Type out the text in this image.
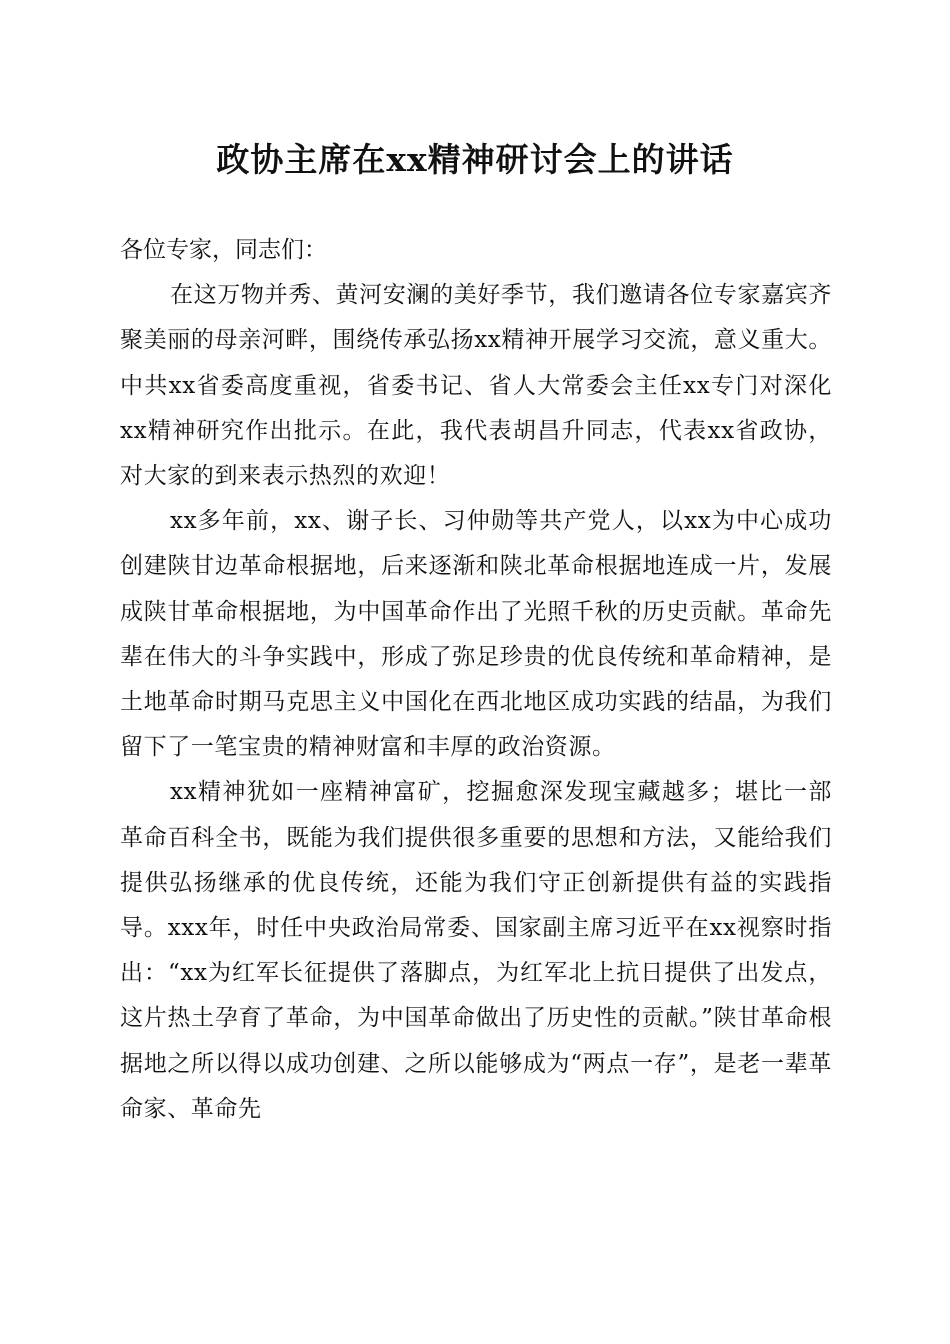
政协主席在xx精神研讨会上的讲话

各位专家，同志们：

在这万物并秀、黄河安澜的美好季节，我们邀请各位专家嘉宾齐聚美丽的母亲河畔，围绕传承弘扬xx精神开展学习交流，意义重大。中共xx省委高度重视，省委书记、省人大常委会主任xx专门对深化xx精神研究作出批示。在此，我代表胡昌升同志，代表xx省政协，对大家的到来表示热烈的欢迎！

xx多年前，xx、谢子长、习仲勋等共产党人，以xx为中心成功创建陕甘边革命根据地，后来逐渐和陕北革命根据地连成一片，发展成陕甘革命根据地，为中国革命作出了光照千秋的历史贡献。革命先辈在伟大的斗争实践中，形成了弥足珍贵的优良传统和革命精神，是土地革命时期马克思主义中国化在西北地区成功实践的结晶，为我们留下了一笔宝贵的精神财富和丰厚的政治资源。

xx精神犹如一座精神富矿，挖掘愈深发现宝藏越多；堪比一部革命百科全书，既能为我们提供很多重要的思想和方法，又能给我们提供弘扬继承的优良传统，还能为我们守正创新提供有益的实践指导。xxx年，时任中央政治局常委、国家副主席习近平在xx视察时指出：“xx为红军长征提供了落脚点，为红军北上抗日提供了出发点，这片热土孕育了革命，为中国革命做出了历史性的贡献。”陕甘革命根据地之所以得以成功创建、之所以能够成为“两点一存”，是老一辈革命家、革命先
